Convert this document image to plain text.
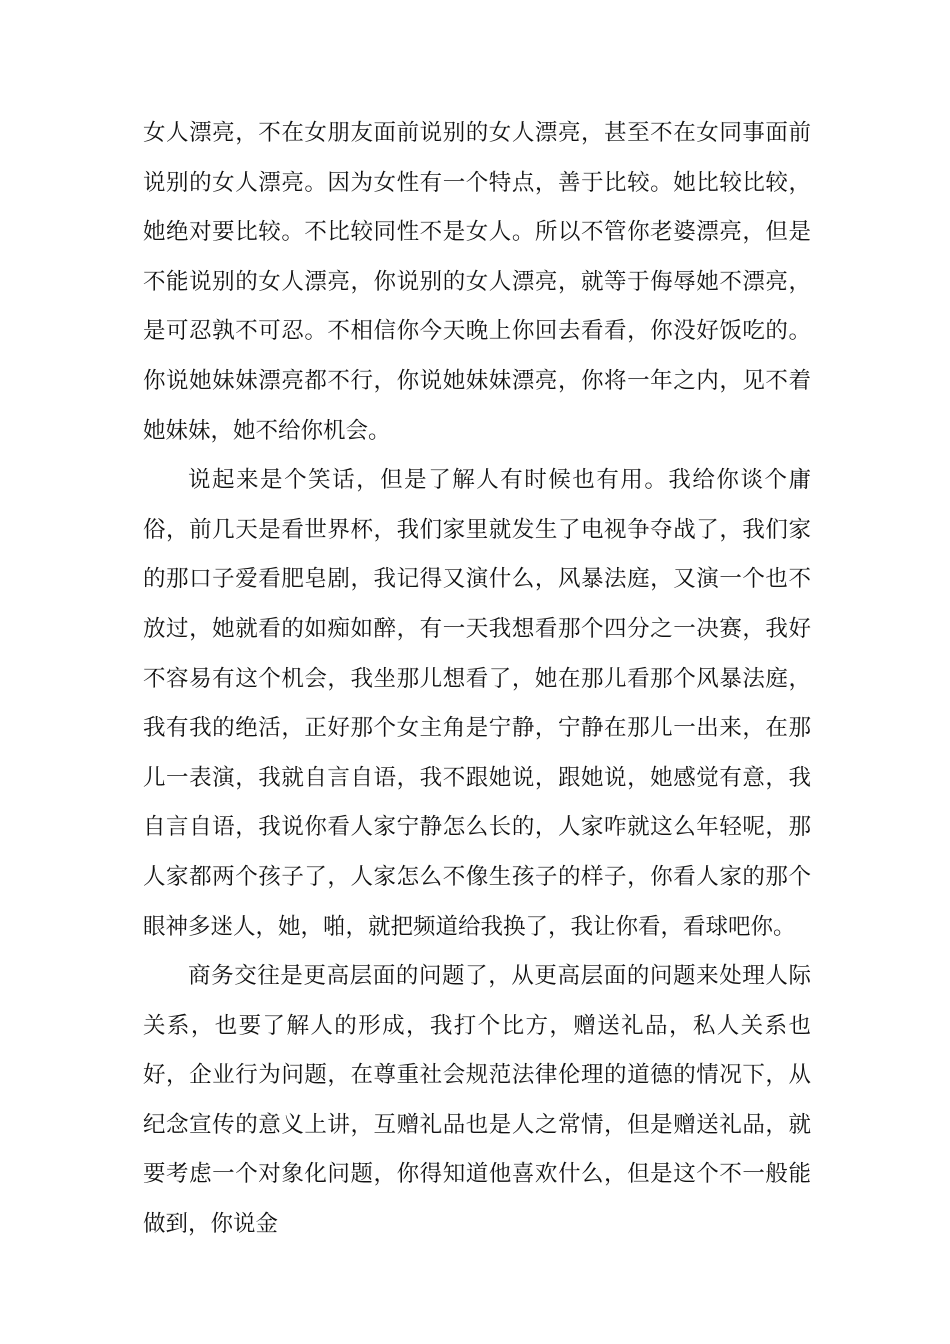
女人漂亮，不在女朋友面前说别的女人漂亮，甚至不在女同事面前说别的女人漂亮。因为女性有一个特点，善于比较。她比较比较，她绝对要比较。不比较同性不是女人。所以不管你老婆漂亮，但是不能说别的女人漂亮，你说别的女人漂亮，就等于侮辱她不漂亮，是可忍孰不可忍。不相信你今天晚上你回去看看，你没好饭吃的。你说她妹妹漂亮都不行，你说她妹妹漂亮，你将一年之内，见不着她妹妹，她不给你机会。

说起来是个笑话，但是了解人有时候也有用。我给你谈个庸俗，前几天是看世界杯，我们家里就发生了电视争夺战了，我们家的那口子爱看肥皂剧，我记得又演什么，风暴法庭，又演一个也不放过，她就看的如痴如醉，有一天我想看那个四分之一决赛，我好不容易有这个机会，我坐那儿想看了，她在那儿看那个风暴法庭，我有我的绝活，正好那个女主角是宁静，宁静在那儿一出来，在那儿一表演，我就自言自语，我不跟她说，跟她说，她感觉有意，我自言自语，我说你看人家宁静怎么长的，人家咋就这么年轻呢，那人家都两个孩子了，人家怎么不像生孩子的样子，你看人家的那个眼神多迷人，她，啪，就把频道给我换了，我让你看，看球吧你。

商务交往是更高层面的问题了，从更高层面的问题来处理人际关系，也要了解人的形成，我打个比方，赠送礼品，私人关系也好，企业行为问题，在尊重社会规范法律伦理的道德的情况下，从纪念宣传的意义上讲，互赠礼品也是人之常情，但是赠送礼品，就要考虑一个对象化问题，你得知道他喜欢什么，但是这个不一般能做到，你说金
